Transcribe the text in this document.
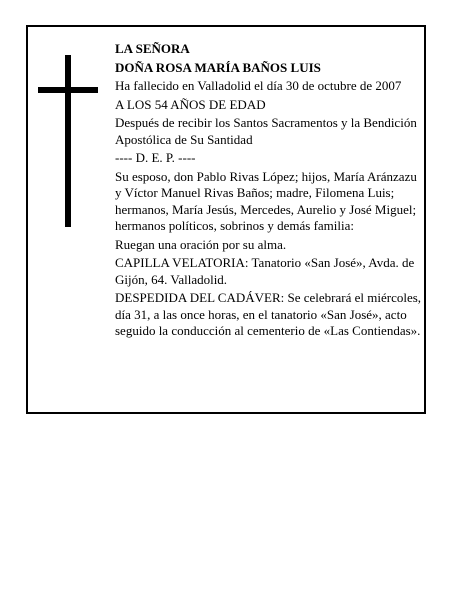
LA SEÑORA

DOÑA ROSA MARÍA BAÑOS LUIS

Ha fallecido en Valladolid el día 30 de octubre de 2007

A LOS 54 AÑOS DE EDAD

Después de recibir los Santos Sacramentos y la Bendición Apostólica de Su Santidad

---- D. E. P. ----

Su esposo, don Pablo Rivas López; hijos, María Aránzazu y Víctor Manuel Rivas Baños; madre, Filomena Luis; hermanos, María Jesús, Mercedes, Aurelio y José Miguel; hermanos políticos, sobrinos y demás familia:

Ruegan una oración por su alma.

CAPILLA VELATORIA: Tanatorio «San José», Avda. de Gijón, 64. Valladolid.

DESPEDIDA DEL CADÁVER: Se celebrará el miércoles, día 31, a las once horas, en el tanatorio «San José», acto seguido la conducción al cementerio de «Las Contiendas».
